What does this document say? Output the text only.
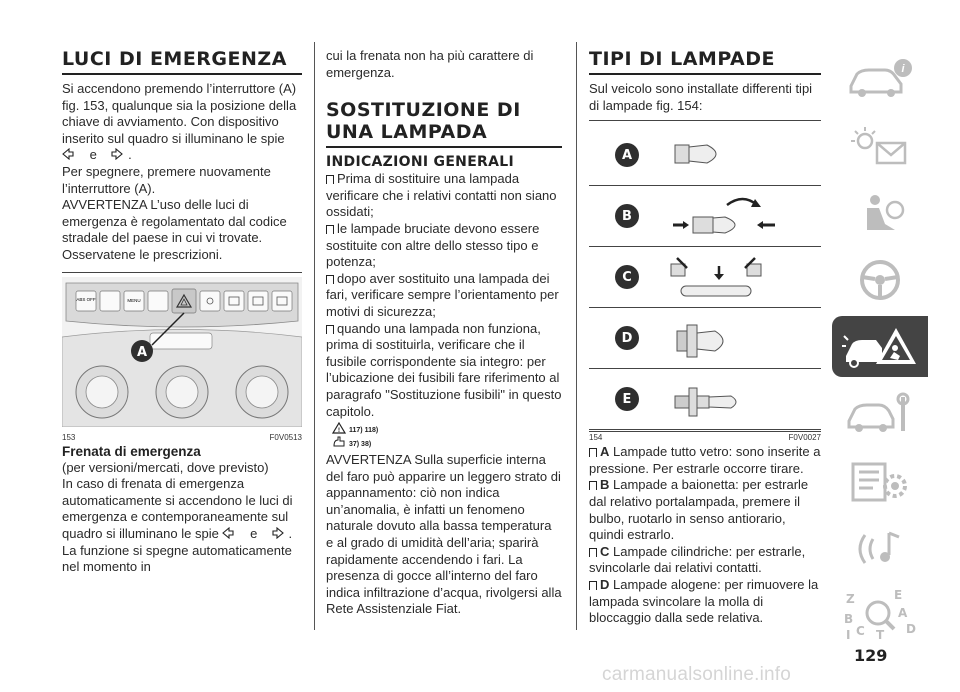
LUCI DI EMERGENZA

Si accendono premendo l’interruttore (A) fig. 153, qualunque sia la posizione della chiave di avviamento. Con dispositivo inserito sul quadro si illuminano le spie  e .

Per spegnere, premere nuovamente l’interruttore (A).

AVVERTENZA L’uso delle luci di emergenza è regolamentato dal codice stradale del paese in cui vi trovate. Osservatene le prescrizioni.

ABS OFF	MENU
A
153	F0V0513
Frenata di emergenza

(per versioni/mercati, dove previsto)

In caso di frenata di emergenza automaticamente si accendono le luci di emergenza e contemporaneamente sul quadro si illuminano le spie e .

La funzione si spegne automaticamente nel momento in

cui la frenata non ha più carattere di emergenza.

SOSTITUZIONE DI UNA LAMPADA
INDICAZIONI GENERALI

Prima di sostituire una lampada verificare che i relativi contatti non siano ossidati;

le lampade bruciate devono essere sostituite con altre dello stesso tipo e potenza;

dopo aver sostituito una lampada dei fari, verificare sempre l’orientamento per motivi di sicurezza;

quando una lampada non funziona, prima di sostituirla, verificare che il fusibile corrispondente sia integro: per l’ubicazione dei fusibili fare riferimento al paragrafo "Sostituzione fusibili" in questo capitolo.

! 117) 118)
37) 38)

AVVERTENZA Sulla superficie interna del faro può apparire un leggero strato di appannamento: ciò non indica un’anomalia, è infatti un fenomeno naturale dovuto alla bassa temperatura e al grado di umidità dell’aria; sparirà rapidamente accendendo i fari. La presenza di gocce all’interno del faro indica infiltrazione d’acqua, rivolgersi alla Rete Assistenziale Fiat.

TIPI DI LAMPADE

Sul veicolo sono installate differenti tipi di lampade fig. 154:

A
B
C
D
E
154	F0V0027

A Lampade tutto vetro: sono inserite a pressione. Per estrarle occorre tirare.

B Lampade a baionetta: per estrarle dal relativo portalampada, premere il bulbo, ruotarlo in senso antiorario, quindi estrarlo.

C Lampade cilindriche: per estrarle, svincolarle dai relativi contatti.

D Lampade alogene: per rimuovere la lampada svincolare la molla di bloccaggio dalla sede relativa.

i
Z	E
B	A
C	D
I T
129
carmanualsonline.info
